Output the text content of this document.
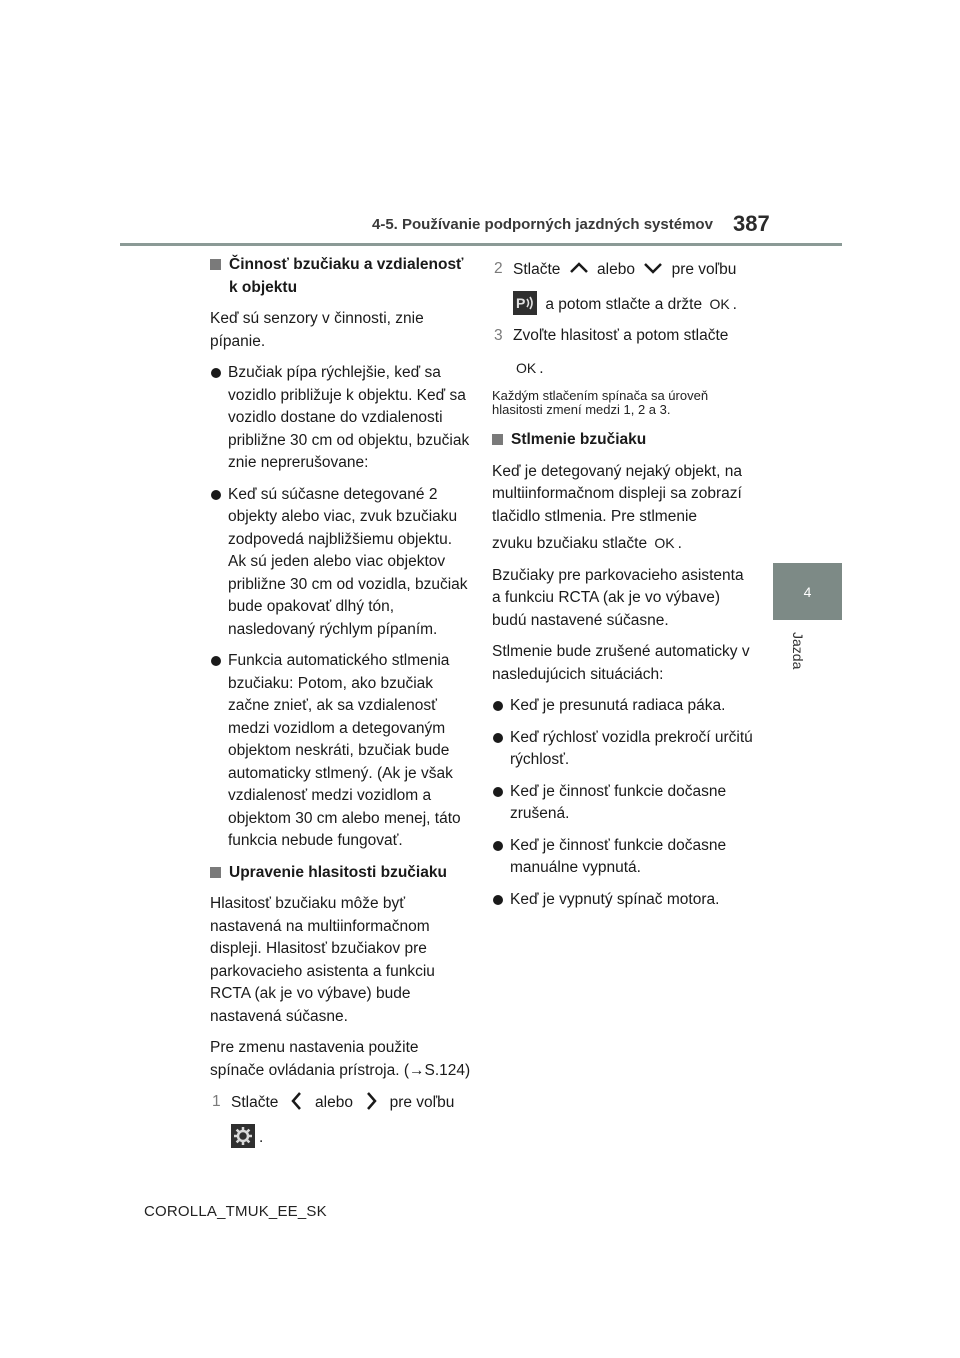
4-5. Používanie podporných jazdných systémov 387
4
Jazda
Činnosť bzučiaku a vzdialenosť k objektu
Keď sú senzory v činnosti, znie pípanie.
Bzučiak pípa rýchlejšie, keď sa vozidlo približuje k objektu. Keď sa vozidlo dostane do vzdialenosti približne 30 cm od objektu, bzučiak znie neprerušovane:
Keď sú súčasne detegované 2 objekty alebo viac, zvuk bzučiaku zodpovedá najbližšiemu objektu. Ak sú jeden alebo viac objektov približne 30 cm od vozidla, bzučiak bude opakovať dlhý tón, nasledovaný rýchlym pípaním.
Funkcia automatického stlmenia bzučiaku: Potom, ako bzučiak začne znieť, ak sa vzdialenosť medzi vozidlom a detegovaným objektom neskráti, bzučiak bude automaticky stlmený. (Ak je však vzdialenosť medzi vozidlom a objektom 30 cm alebo menej, táto funkcia nebude fungovať.
Upravenie hlasitosti bzučiaku
Hlasitosť bzučiaku môže byť nastavená na multiinformačnom displeji. Hlasitosť bzučiakov pre parkovacieho asistenta a funkciu RCTA (ak je vo výbave) bude nastavená súčasne.
Pre zmenu nastavenia použite spínače ovládania prístroja. (→S.124)
1 Stlačte alebo pre voľbu
.
2 Stlačte alebo pre voľbu
P a potom stlačte a držte OK .
3 Zvoľte hlasitosť a potom stlačte
OK .
Každým stlačením spínača sa úroveň hlasitosti zmení medzi 1, 2 a 3.
Stlmenie bzučiaku
Keď je detegovaný nejaký objekt, na multiinformačnom displeji sa zobrazí tlačidlo stlmenia. Pre stlmenie
zvuku bzučiaku stlačte OK .
Bzučiaky pre parkovacieho asistenta a funkciu RCTA (ak je vo výbave) budú nastavené súčasne.
Stlmenie bude zrušené automaticky v nasledujúcich situáciách:
Keď je presunutá radiaca páka.
Keď rýchlosť vozidla prekročí určitú rýchlosť.
Keď je činnosť funkcie dočasne zrušená.
Keď je činnosť funkcie dočasne manuálne vypnutá.
Keď je vypnutý spínač motora.
COROLLA_TMUK_EE_SK
